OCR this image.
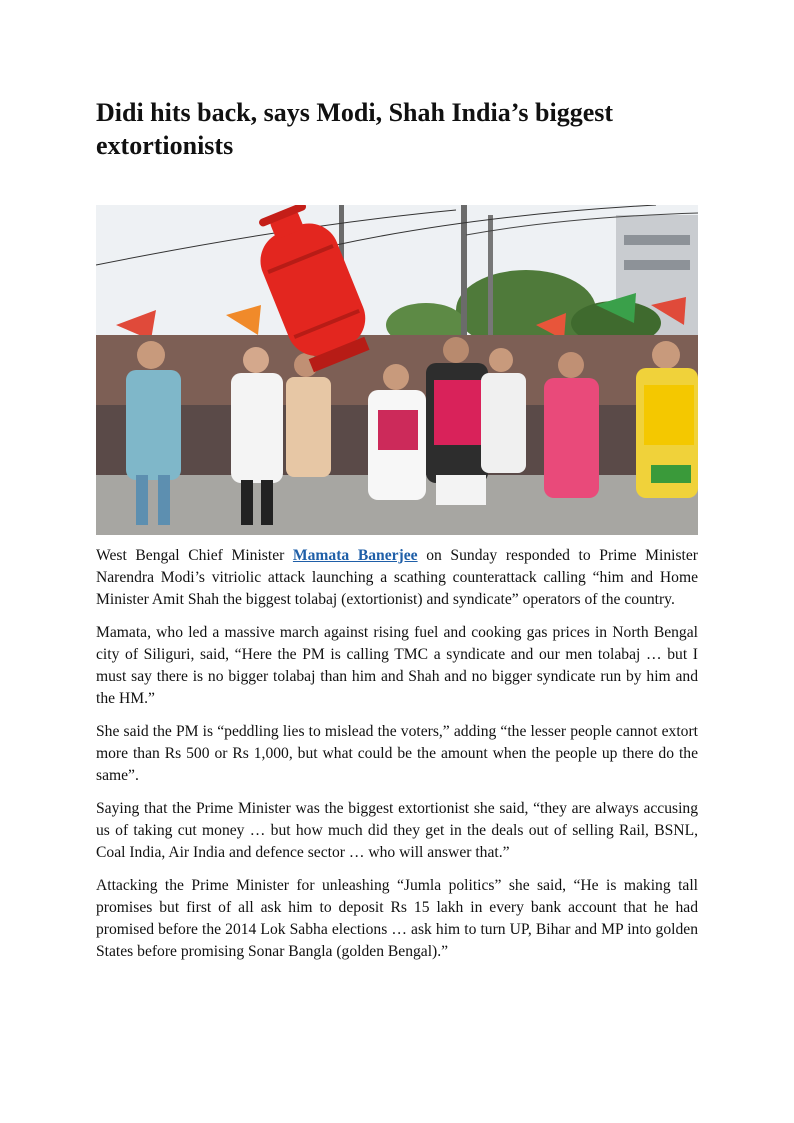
Didi hits back, says Modi, Shah India’s biggest extortionists

West Bengal Chief Minister Mamata Banerjee on Sunday responded to Prime Minister Narendra Modi’s vitriolic attack launching a scathing counterattack calling “him and Home Minister Amit Shah the biggest tolabaj (extortionist) and syndicate” operators of the country.

Mamata, who led a massive march against rising fuel and cooking gas prices in North Bengal city of Siliguri, said, “Here the PM is calling TMC a syndicate and our men tolabaj … but I must say there is no bigger tolabaj than him and Shah and no bigger syndicate run by him and the HM.”

She said the PM is “peddling lies to mislead the voters,” adding “the lesser people cannot extort more than Rs 500 or Rs 1,000, but what could be the amount when the people up there do the same”.

Saying that the Prime Minister was the biggest extortionist she said, “they are always accusing us of taking cut money … but how much did they get in the deals out of selling Rail, BSNL, Coal India, Air India and defence sector … who will answer that.”

Attacking the Prime Minister for unleashing “Jumla politics” she said, “He is making tall promises but first of all ask him to deposit Rs 15 lakh in every bank account that he had promised before the 2014 Lok Sabha elections … ask him to turn UP, Bihar and MP into golden States before promising Sonar Bangla (golden Bengal).”
